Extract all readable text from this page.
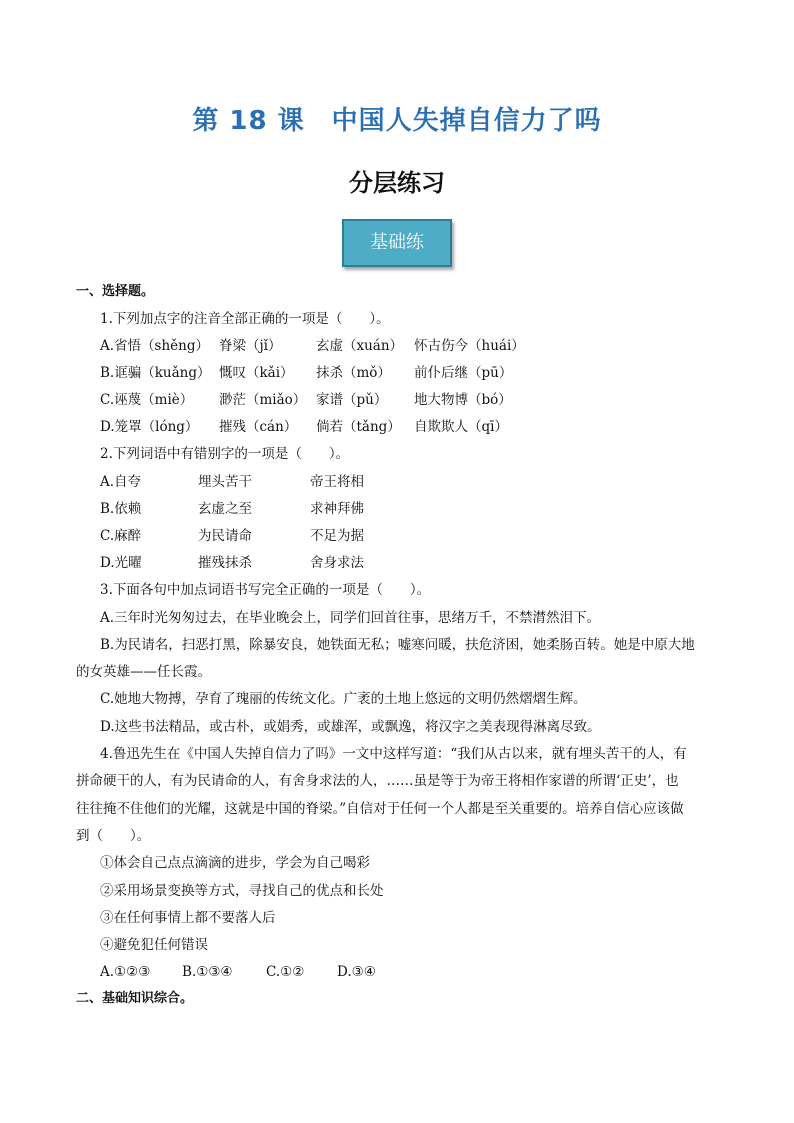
第 18 课　中国人失掉自信力了吗
分层练习
基础练
一、选择题。
1.下列加点字的注音全部正确的一项是（　　）。
A.省悟（shěng） 脊梁（jǐ）	玄虚（xuán） 怀古伤今（huái）
B.诓骗（kuǎng） 慨叹（kǎi） 抹杀（mǒ） 前仆后继（pū）
C.诬蔑（miè） 渺茫（miǎo） 家谱（pǔ） 地大物博（bó）
D.笼罩（lóng） 摧残（cán） 倘若（tǎng） 自欺欺人（qī）
2.下列词语中有错别字的一项是（　　）。
A.自夸	埋头苦干	帝王将相
B.依赖	玄虚之至	求神拜佛
C.麻醉	为民请命	不足为据
D.光曜	摧残抹杀	舍身求法
3.下面各句中加点词语书写完全正确的一项是（　　）。
A.三年时光匆匆过去，在毕业晚会上，同学们回首往事，思绪万千，不禁潸然泪下。
B.为民请名，扫恶打黑，除暴安良，她铁面无私；嘘寒问暖，扶危济困，她柔肠百转。她是中原大地
的女英雄——任长霞。
C.她地大物搏，孕育了瑰丽的传统文化。广袤的土地上悠远的文明仍然熠熠生辉。
D.这些书法精品，或古朴，或娟秀，或雄浑，或飘逸，将汉字之美表现得淋离尽致。
4.鲁迅先生在《中国人失掉自信力了吗》一文中这样写道：“我们从古以来，就有埋头苦干的人，有
拼命硬干的人，有为民请命的人，有舍身求法的人，……虽是等于为帝王将相作家谱的所谓‘正史’，也
往往掩不住他们的光耀，这就是中国的脊梁。”自信对于任何一个人都是至关重要的。培养自信心应该做
到（　　）。
①体会自己点点滴滴的进步，学会为自己喝彩
②采用场景变换等方式，寻找自己的优点和长处
③在任何事情上都不要落人后
④避免犯任何错误
A.①②③ B.①③④ C.①② D.③④
二、基础知识综合。
